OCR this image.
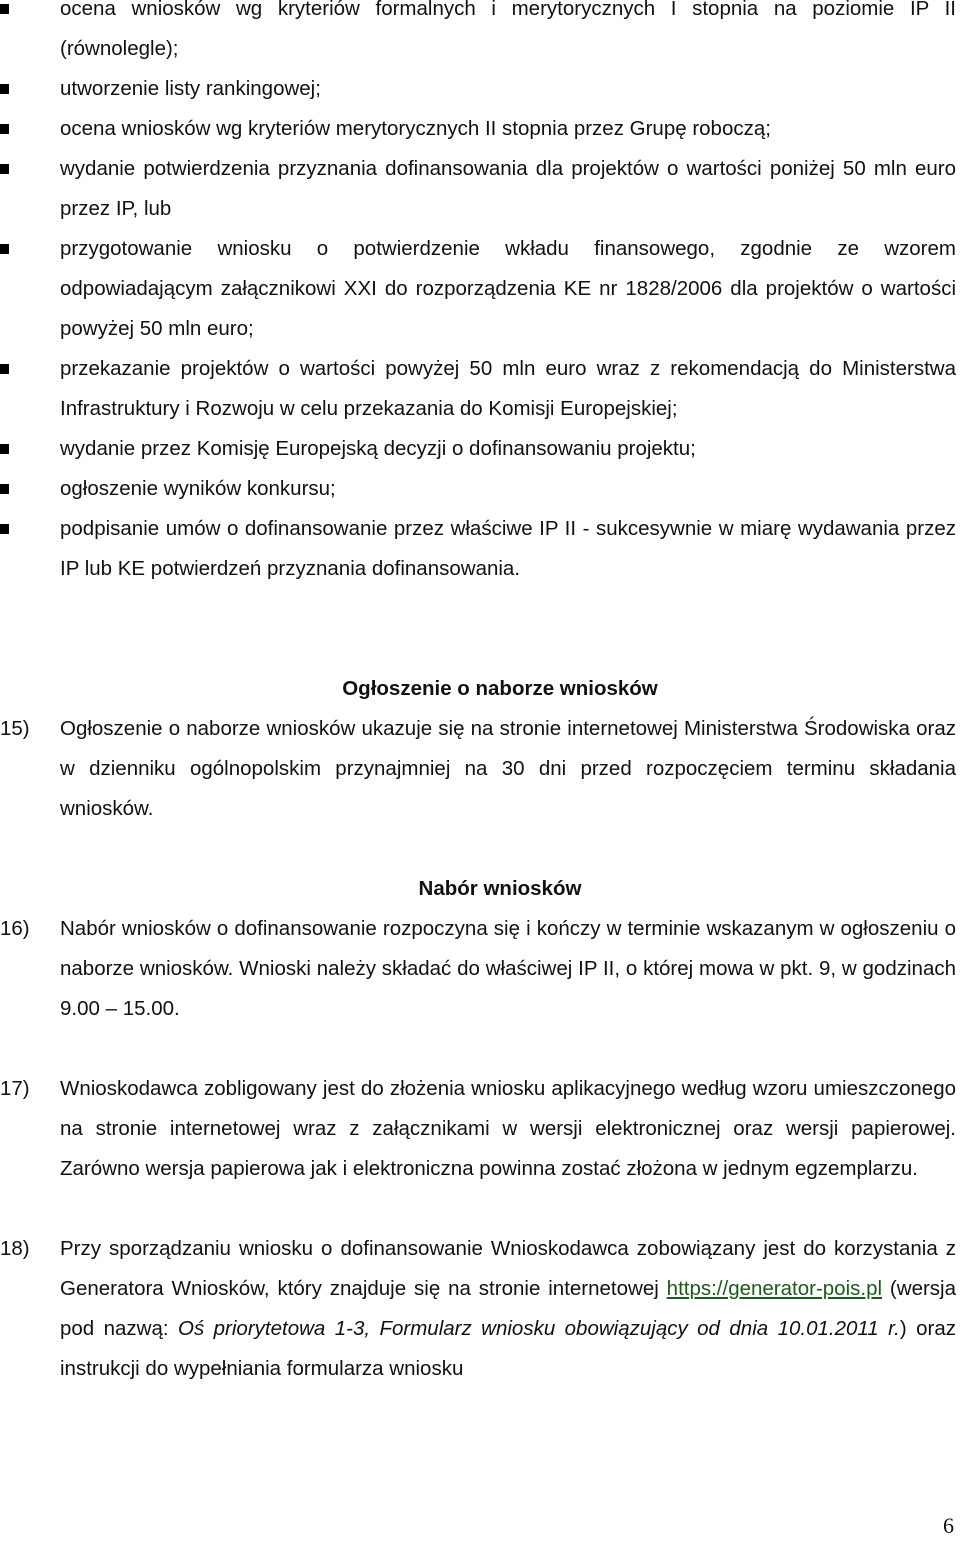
ocena wniosków wg kryteriów formalnych i merytorycznych I stopnia na poziomie IP II (równolegle);
utworzenie listy rankingowej;
ocena wniosków wg kryteriów merytorycznych II stopnia przez Grupę roboczą;
wydanie potwierdzenia przyznania dofinansowania dla projektów o wartości poniżej 50 mln euro przez IP, lub
przygotowanie wniosku o potwierdzenie wkładu finansowego, zgodnie ze wzorem odpowiadającym załącznikowi XXI do rozporządzenia KE nr 1828/2006 dla projektów o wartości powyżej 50 mln euro;
przekazanie projektów o wartości powyżej 50 mln euro wraz z rekomendacją do Ministerstwa Infrastruktury i Rozwoju w celu przekazania do Komisji Europejskiej;
wydanie przez Komisję Europejską decyzji o dofinansowaniu projektu;
ogłoszenie wyników konkursu;
podpisanie umów o dofinansowanie przez właściwe IP II - sukcesywnie w miarę wydawania przez IP lub KE potwierdzeń przyznania dofinansowania.
Ogłoszenie o naborze wniosków
15) Ogłoszenie o naborze wniosków ukazuje się na stronie internetowej Ministerstwa Środowiska oraz w dzienniku ogólnopolskim przynajmniej na 30 dni przed rozpoczęciem terminu składania wniosków.
Nabór wniosków
16) Nabór wniosków o dofinansowanie rozpoczyna się i kończy w terminie wskazanym w ogłoszeniu o naborze wniosków. Wnioski należy składać do właściwej IP II, o której mowa w pkt. 9, w godzinach 9.00 – 15.00.
17) Wnioskodawca zobligowany jest do złożenia wniosku aplikacyjnego według wzoru umieszczonego na stronie internetowej wraz z załącznikami w wersji elektronicznej oraz wersji papierowej. Zarówno wersja papierowa jak i elektroniczna powinna zostać złożona w jednym egzemplarzu.
18) Przy sporządzaniu wniosku o dofinansowanie Wnioskodawca zobowiązany jest do korzystania z Generatora Wniosków, który znajduje się na stronie internetowej https://generator-pois.pl (wersja pod nazwą: Oś priorytetowa 1-3, Formularz wniosku obowiązujący od dnia 10.01.2011 r.) oraz instrukcji do wypełniania formularza wniosku
6
